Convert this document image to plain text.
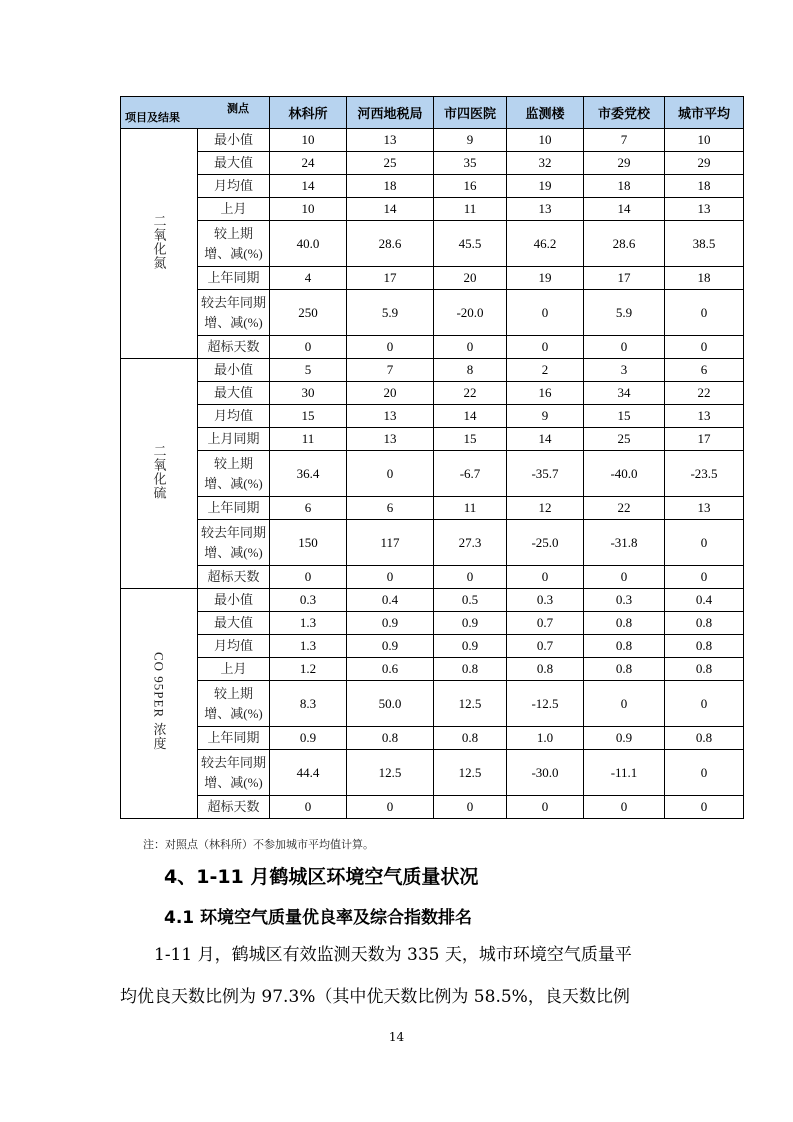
测点
项目及结果		林科所	河西地税局	市四医院	监测楼	市委党校	城市平均
二氧化氮	最小值	10	13	9	10	7	10

	最大值	24	25	35	32	29	29

	月均值	14	18	16	19	18	18

	上月	10	14	11	13	14	13

	较上期
增、减(%)	40.0	28.6	45.5	46.2	28.6	38.5

	上年同期	4	17	20	19	17	18

	较去年同期
增、减(%)	250	5.9	-20.0	0	5.9	0

	超标天数	0	0	0	0	0	0
二氧化硫	最小值	5	7	8	2	3	6

	最大值	30	20	22	16	34	22

	月均值	15	13	14	9	15	13

	上月同期	11	13	15	14	25	17

	较上期
增、减(%)	36.4	0	-6.7	-35.7	-40.0	-23.5

	上年同期	6	6	11	12	22	13

	较去年同期
增、减(%)	150	117	27.3	-25.0	-31.8	0

	超标天数	0	0	0	0	0	0
CO 95PER 浓度	最小值	0.3	0.4	0.5	0.3	0.3	0.4

	最大值	1.3	0.9	0.9	0.7	0.8	0.8

	月均值	1.3	0.9	0.9	0.7	0.8	0.8

	上月	1.2	0.6	0.8	0.8	0.8	0.8

	较上期
增、减(%)	8.3	50.0	12.5	-12.5	0	0

	上年同期	0.9	0.8	0.8	1.0	0.9	0.8

	较去年同期
增、减(%)	44.4	12.5	12.5	-30.0	-11.1	0

	超标天数	0	0	0	0	0	0
注：对照点（林科所）不参加城市平均值计算。
4、1-11 月鹤城区环境空气质量状况
4.1 环境空气质量优良率及综合指数排名
1-11 月，鹤城区有效监测天数为 335 天，城市环境空气质量平
均优良天数比例为 97.3%（其中优天数比例为 58.5%，良天数比例
14
